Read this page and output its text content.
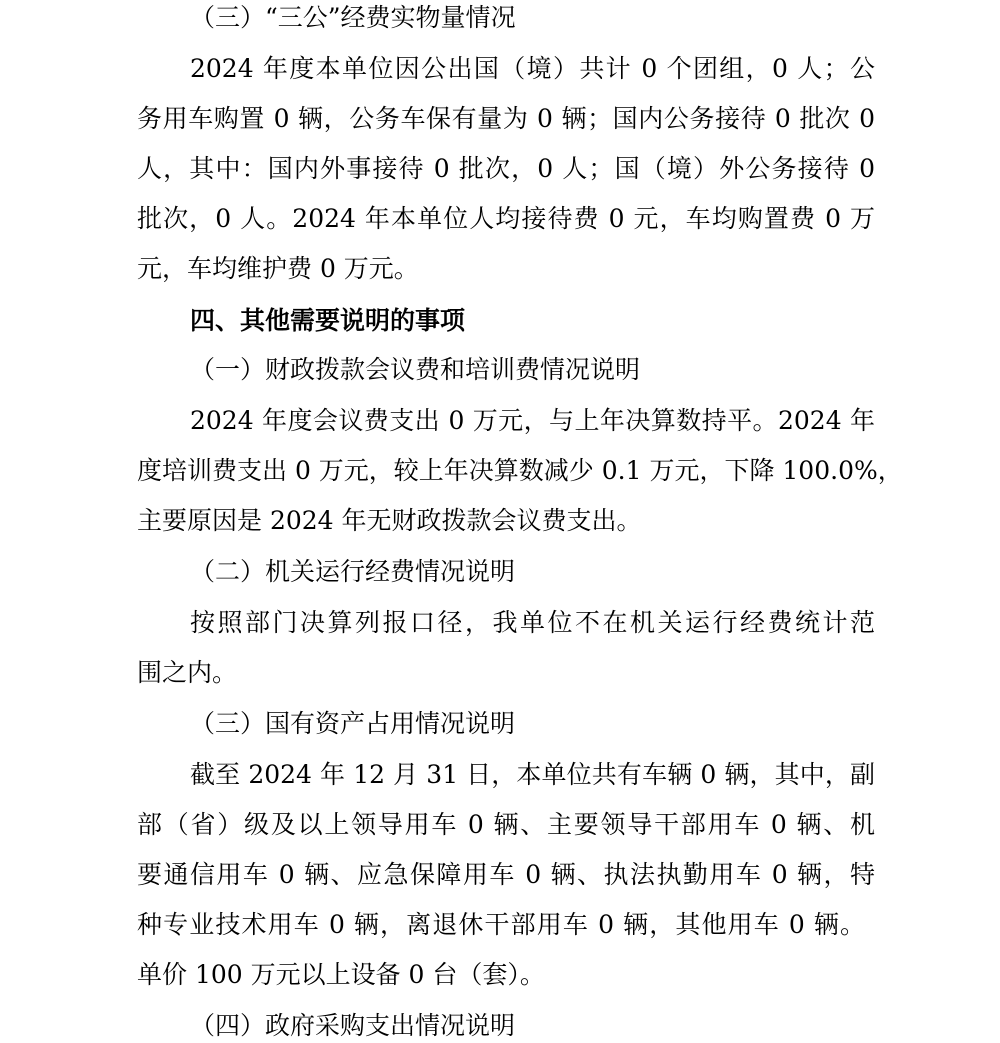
（三）“三公”经费实物量情况
2024 年度本单位因公出国（境）共计 0 个团组，0 人；公
务用车购置 0 辆，公务车保有量为 0 辆；国内公务接待 0 批次 0
人，其中：国内外事接待 0 批次，0 人；国（境）外公务接待 0
批次，0 人。2024 年本单位人均接待费 0 元，车均购置费 0 万
元，车均维护费 0 万元。
四、其他需要说明的事项
（一）财政拨款会议费和培训费情况说明
2024 年度会议费支出 0 万元，与上年决算数持平。2024 年
度培训费支出 0 万元，较上年决算数减少 0.1 万元，下降 100.0%，
主要原因是 2024 年无财政拨款会议费支出。
（二）机关运行经费情况说明
按照部门决算列报口径，我单位不在机关运行经费统计范
围之内。
（三）国有资产占用情况说明
截至 2024 年 12 月 31 日，本单位共有车辆 0 辆，其中，副
部（省）级及以上领导用车 0 辆、主要领导干部用车 0 辆、机
要通信用车 0 辆、应急保障用车 0 辆、执法执勤用车 0 辆，特
种专业技术用车 0 辆，离退休干部用车 0 辆，其他用车 0 辆。
单价 100 万元以上设备 0 台（套）。
（四）政府采购支出情况说明
